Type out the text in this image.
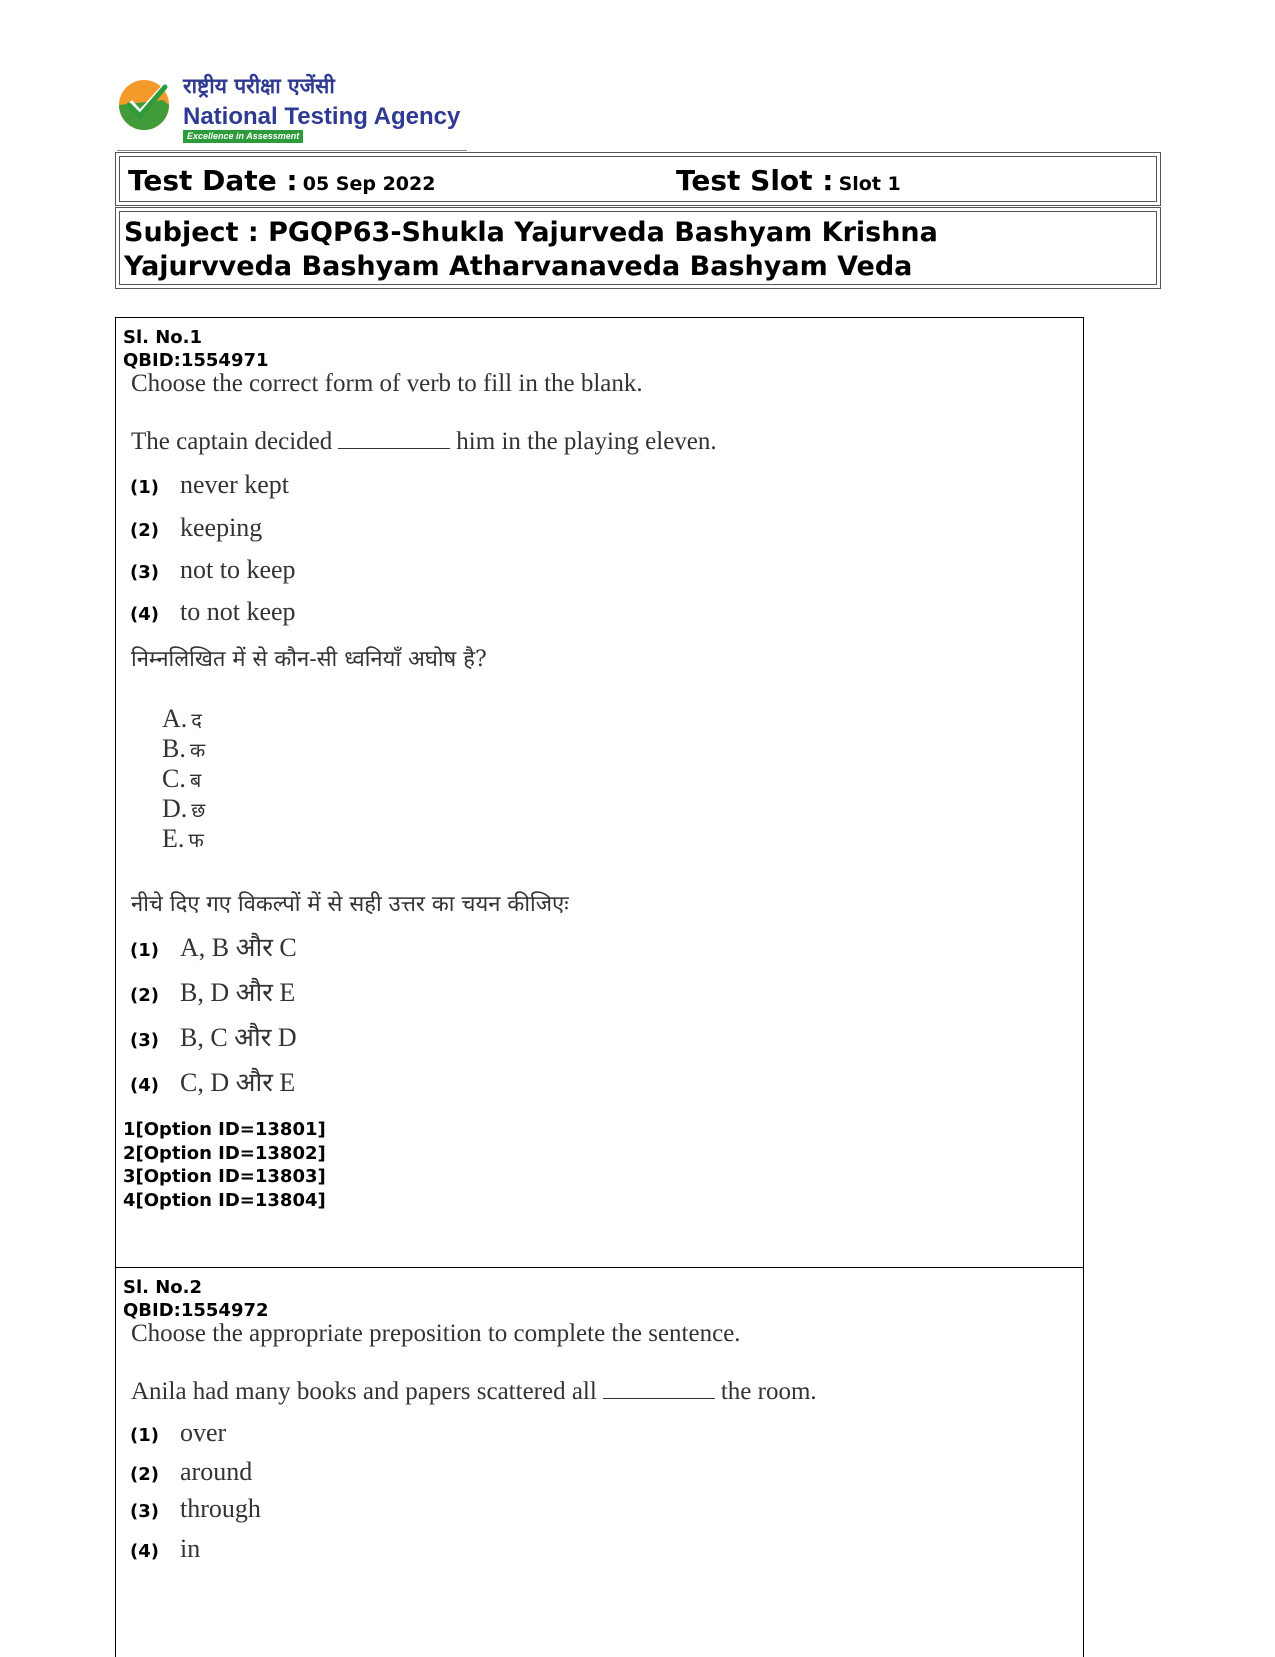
राष्ट्रीय परीक्षा एजेंसी
National Testing Agency
Excellence in Assessment
Test Date : 05 Sep 2022	Test Slot : Slot 1
Subject : PGQP63-Shukla Yajurveda Bashyam Krishna
Yajurvveda Bashyam Atharvanaveda Bashyam Veda
Sl. No.1
QBID:1554971
Choose the correct form of verb to fill in the blank.
The captain decided	him in the playing eleven.
(1) never kept
(2) keeping
(3) not to keep
(4) to not keep
निम्नलिखित में से कौन-सी ध्वनियाँ अघोष है?
A. द
B. क
C. ब
D. छ
E. फ
नीचे दिए गए विकल्पों में से सही उत्तर का चयन कीजिएः
(1) A, B और C
(2) B, D और E
(3) B, C और D
(4) C, D और E
1[Option ID=13801]
2[Option ID=13802]
3[Option ID=13803]
4[Option ID=13804]
Sl. No.2
QBID:1554972
Choose the appropriate preposition to complete the sentence.
Anila had many books and papers scattered all	the room.
(1) over
(2) around
(3) through
(4) in
